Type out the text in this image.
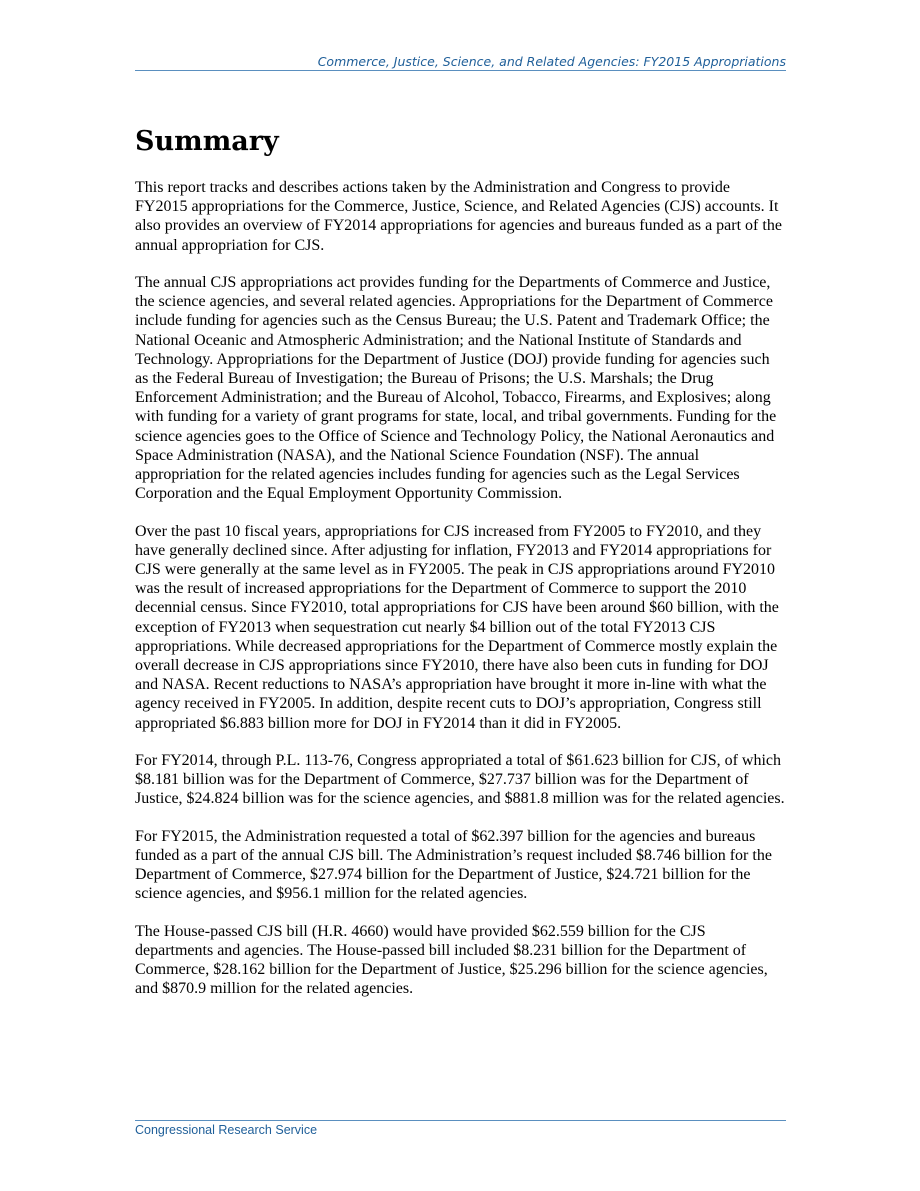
Commerce, Justice, Science, and Related Agencies: FY2015 Appropriations
Summary

This report tracks and describes actions taken by the Administration and Congress to provide FY2015 appropriations for the Commerce, Justice, Science, and Related Agencies (CJS) accounts. It also provides an overview of FY2014 appropriations for agencies and bureaus funded as a part of the annual appropriation for CJS.

The annual CJS appropriations act provides funding for the Departments of Commerce and Justice, the science agencies, and several related agencies. Appropriations for the Department of Commerce include funding for agencies such as the Census Bureau; the U.S. Patent and Trademark Office; the National Oceanic and Atmospheric Administration; and the National Institute of Standards and Technology. Appropriations for the Department of Justice (DOJ) provide funding for agencies such as the Federal Bureau of Investigation; the Bureau of Prisons; the U.S. Marshals; the Drug Enforcement Administration; and the Bureau of Alcohol, Tobacco, Firearms, and Explosives; along with funding for a variety of grant programs for state, local, and tribal governments. Funding for the science agencies goes to the Office of Science and Technology Policy, the National Aeronautics and Space Administration (NASA), and the National Science Foundation (NSF). The annual appropriation for the related agencies includes funding for agencies such as the Legal Services Corporation and the Equal Employment Opportunity Commission.

Over the past 10 fiscal years, appropriations for CJS increased from FY2005 to FY2010, and they have generally declined since. After adjusting for inflation, FY2013 and FY2014 appropriations for CJS were generally at the same level as in FY2005. The peak in CJS appropriations around FY2010 was the result of increased appropriations for the Department of Commerce to support the 2010 decennial census. Since FY2010, total appropriations for CJS have been around $60 billion, with the exception of FY2013 when sequestration cut nearly $4 billion out of the total FY2013 CJS appropriations. While decreased appropriations for the Department of Commerce mostly explain the overall decrease in CJS appropriations since FY2010, there have also been cuts in funding for DOJ and NASA. Recent reductions to NASA’s appropriation have brought it more in-line with what the agency received in FY2005. In addition, despite recent cuts to DOJ’s appropriation, Congress still appropriated $6.883 billion more for DOJ in FY2014 than it did in FY2005.

For FY2014, through P.L. 113-76, Congress appropriated a total of $61.623 billion for CJS, of which $8.181 billion was for the Department of Commerce, $27.737 billion was for the Department of Justice, $24.824 billion was for the science agencies, and $881.8 million was for the related agencies.

For FY2015, the Administration requested a total of $62.397 billion for the agencies and bureaus funded as a part of the annual CJS bill. The Administration’s request included $8.746 billion for the Department of Commerce, $27.974 billion for the Department of Justice, $24.721 billion for the science agencies, and $956.1 million for the related agencies.

The House-passed CJS bill (H.R. 4660) would have provided $62.559 billion for the CJS departments and agencies. The House-passed bill included $8.231 billion for the Department of Commerce, $28.162 billion for the Department of Justice, $25.296 billion for the science agencies, and $870.9 million for the related agencies.

Congressional Research Service
